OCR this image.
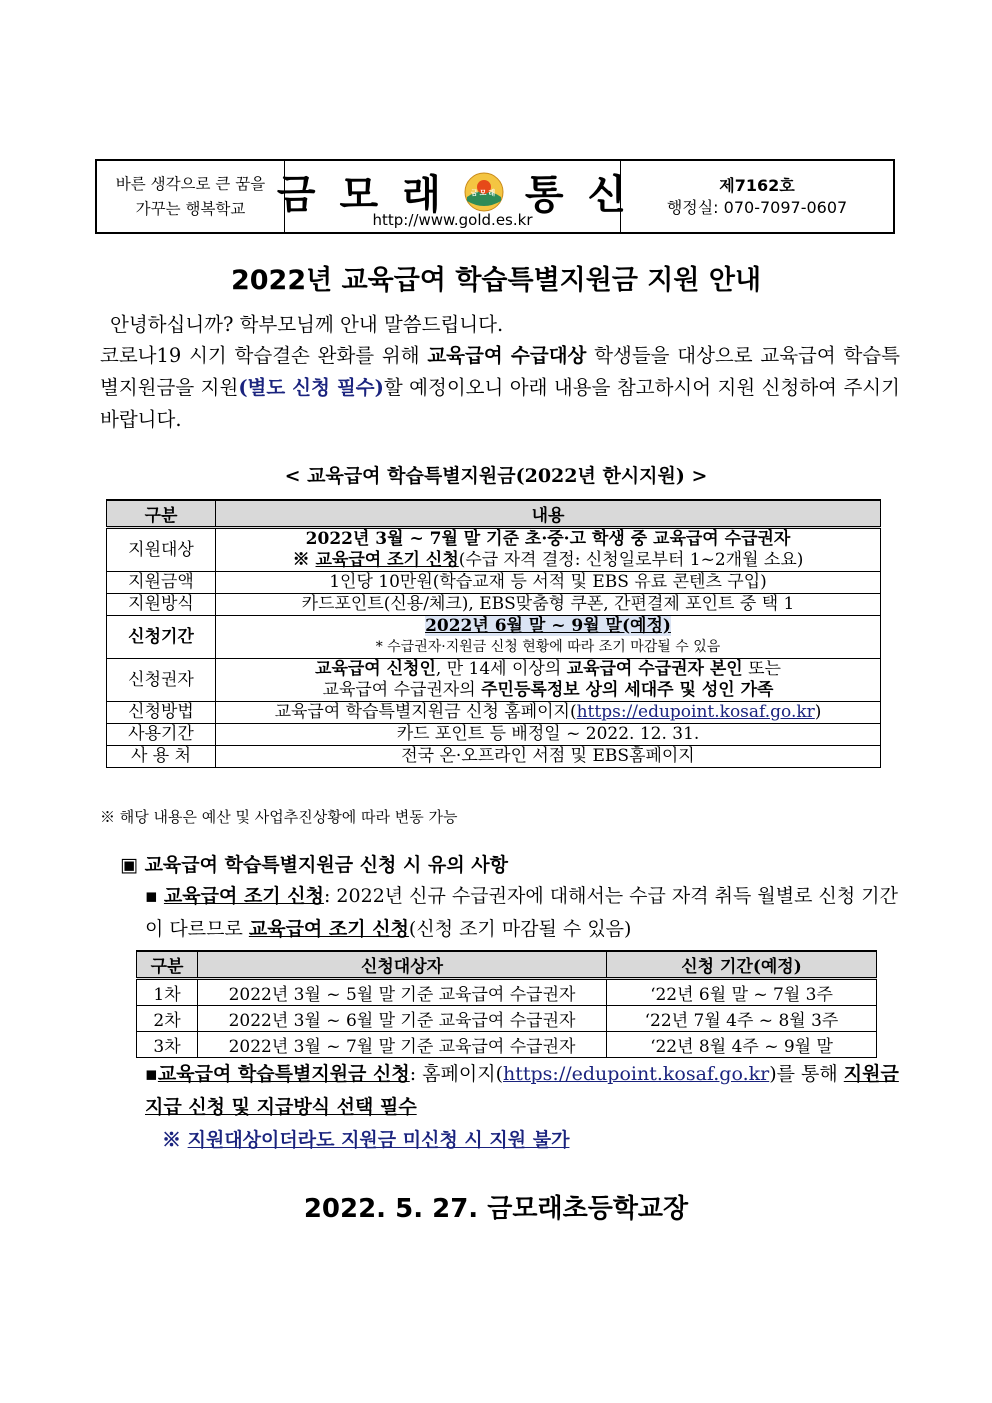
바른 생각으로 큰 꿈을
가꾸는 행복학교 금 모 래	금모래 통 신
http://www.gold.es.kr
제7162호
행정실: 070-7097-0607
2022년 교육급여 학습특별지원금 지원 안내
안녕하십니까? 학부모님께 안내 말씀드립니다.
코로나19 시기 학습결손 완화를 위해 교육급여 수급대상 학생들을 대상으로 교육급여 학습특별지원금을 지원(별도 신청 필수)할 예정이오니 아래 내용을 참고하시어 지원 신청하여 주시기 바랍니다.
< 교육급여 학습특별지원금(2022년 한시지원) >
구분	내용
지원대상	2022년 3월 ~ 7월 말 기준 초·중·고 학생 중 교육급여 수급권자
※ 교육급여 조기 신청(수급 자격 결정: 신청일로부터 1~2개월 소요)

지원금액	1인당 10만원(학습교재 등 서적 및 EBS 유료 콘텐츠 구입)
지원방식	카드포인트(신용/체크), EBS맞춤형 쿠폰, 간편결제 포인트 중 택 1
신청기간	2022년 6월 말 ~ 9월 말(예정)
* 수급권자·지원금 신청 현황에 따라 조기 마감될 수 있음

신청권자	교육급여 신청인, 만 14세 이상의 교육급여 수급권자 본인 또는
교육급여 수급권자의 주민등록정보 상의 세대주 및 성인 가족

신청방법	교육급여 학습특별지원금 신청 홈페이지(https://edupoint.kosaf.go.kr)
사용기간	카드 포인트 등 배정일 ~ 2022. 12. 31.
사 용 처	전국 온·오프라인 서점 및 EBS홈페이지
※ 해당 내용은 예산 및 사업추진상황에 따라 변동 가능
▣ 교육급여 학습특별지원금 신청 시 유의 사항
▪ 교육급여 조기 신청: 2022년 신규 수급권자에 대해서는 수급 자격 취득 월별로 신청 기간이 다르므로 교육급여 조기 신청(신청 조기 마감될 수 있음)
구분	신청대상자	신청 기간(예정)
1차	2022년 3월 ~ 5월 말 기준 교육급여 수급권자	‘22년 6월 말 ~ 7월 3주
2차	2022년 3월 ~ 6월 말 기준 교육급여 수급권자	‘22년 7월 4주 ~ 8월 3주
3차	2022년 3월 ~ 7월 말 기준 교육급여 수급권자	‘22년 8월 4주 ~ 9월 말
▪교육급여 학습특별지원금 신청: 홈페이지(https://edupoint.kosaf.go.kr)를 통해 지원금 지급 신청 및 지급방식 선택 필수
※ 지원대상이더라도 지원금 미신청 시 지원 불가
2022. 5. 27. 금모래초등학교장
